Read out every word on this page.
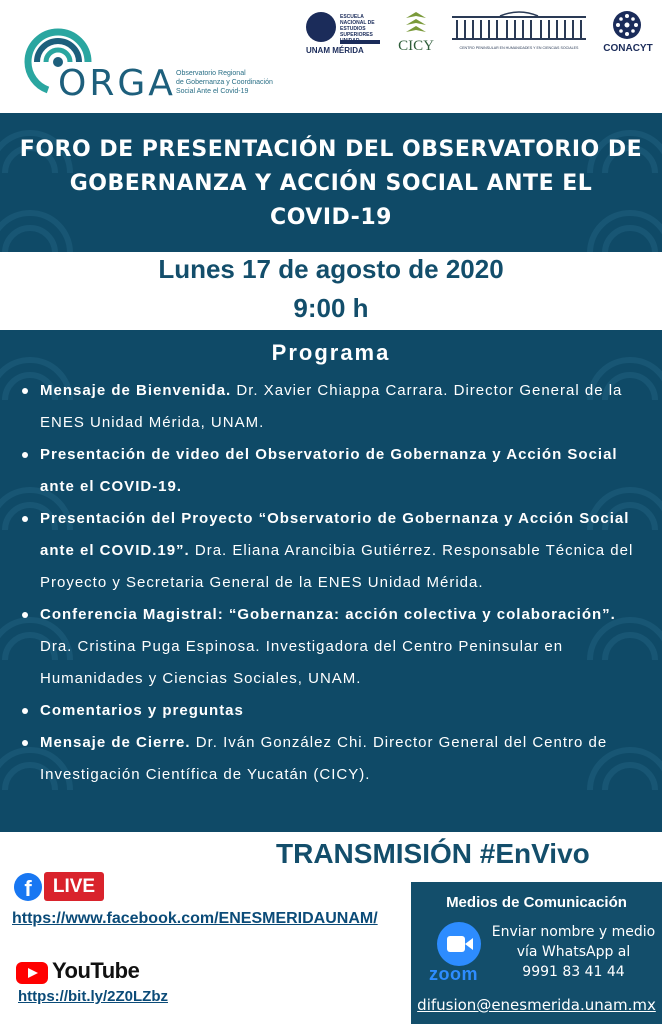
ORGA Observatorio Regional
de Gobernanza y Coordinación
Social Ante el Covid-19
ESCUELA NACIONAL DE ESTUDIOS SUPERIORES
UNAM MÉRIDA CICY	CENTRO PENINSULAR EN HUMANIDADES Y EN CIENCIAS SOCIALES	CONACYT
FORO DE PRESENTACIÓN DEL OBSERVATORIO DE
GOBERNANZA Y ACCIÓN SOCIAL ANTE EL
COVID-19
Lunes 17 de agosto de 2020
9:00 h
Programa
Mensaje de Bienvenida. Dr. Xavier Chiappa Carrara. Director General de la ENES Unidad Mérida, UNAM.
Presentación de video del Observatorio de Gobernanza y Acción Social ante el COVID-19.
Presentación del Proyecto “Observatorio de Gobernanza y Acción Social ante el COVID.19”. Dra. Eliana Arancibia Gutiérrez. Responsable Técnica del Proyecto y Secretaria General de la ENES Unidad Mérida.
Conferencia Magistral: “Gobernanza: acción colectiva y colaboración”. Dra. Cristina Puga Espinosa. Investigadora del Centro Peninsular en Humanidades y Ciencias Sociales, UNAM.
Comentarios y preguntas
Mensaje de Cierre. Dr. Iván González Chi. Director General del Centro de Investigación Científica de Yucatán (CICY).
TRANSMISIÓN #EnVivo
f	LIVE
https://www.facebook.com/ENESMERIDAUNAM/
YouTube
https://bit.ly/2Z0LZbz
Medios de Comunicación
zoom
Enviar nombre y medio
vía WhatsApp al
9991 83 41 44
difusion@enesmerida.unam.mx
